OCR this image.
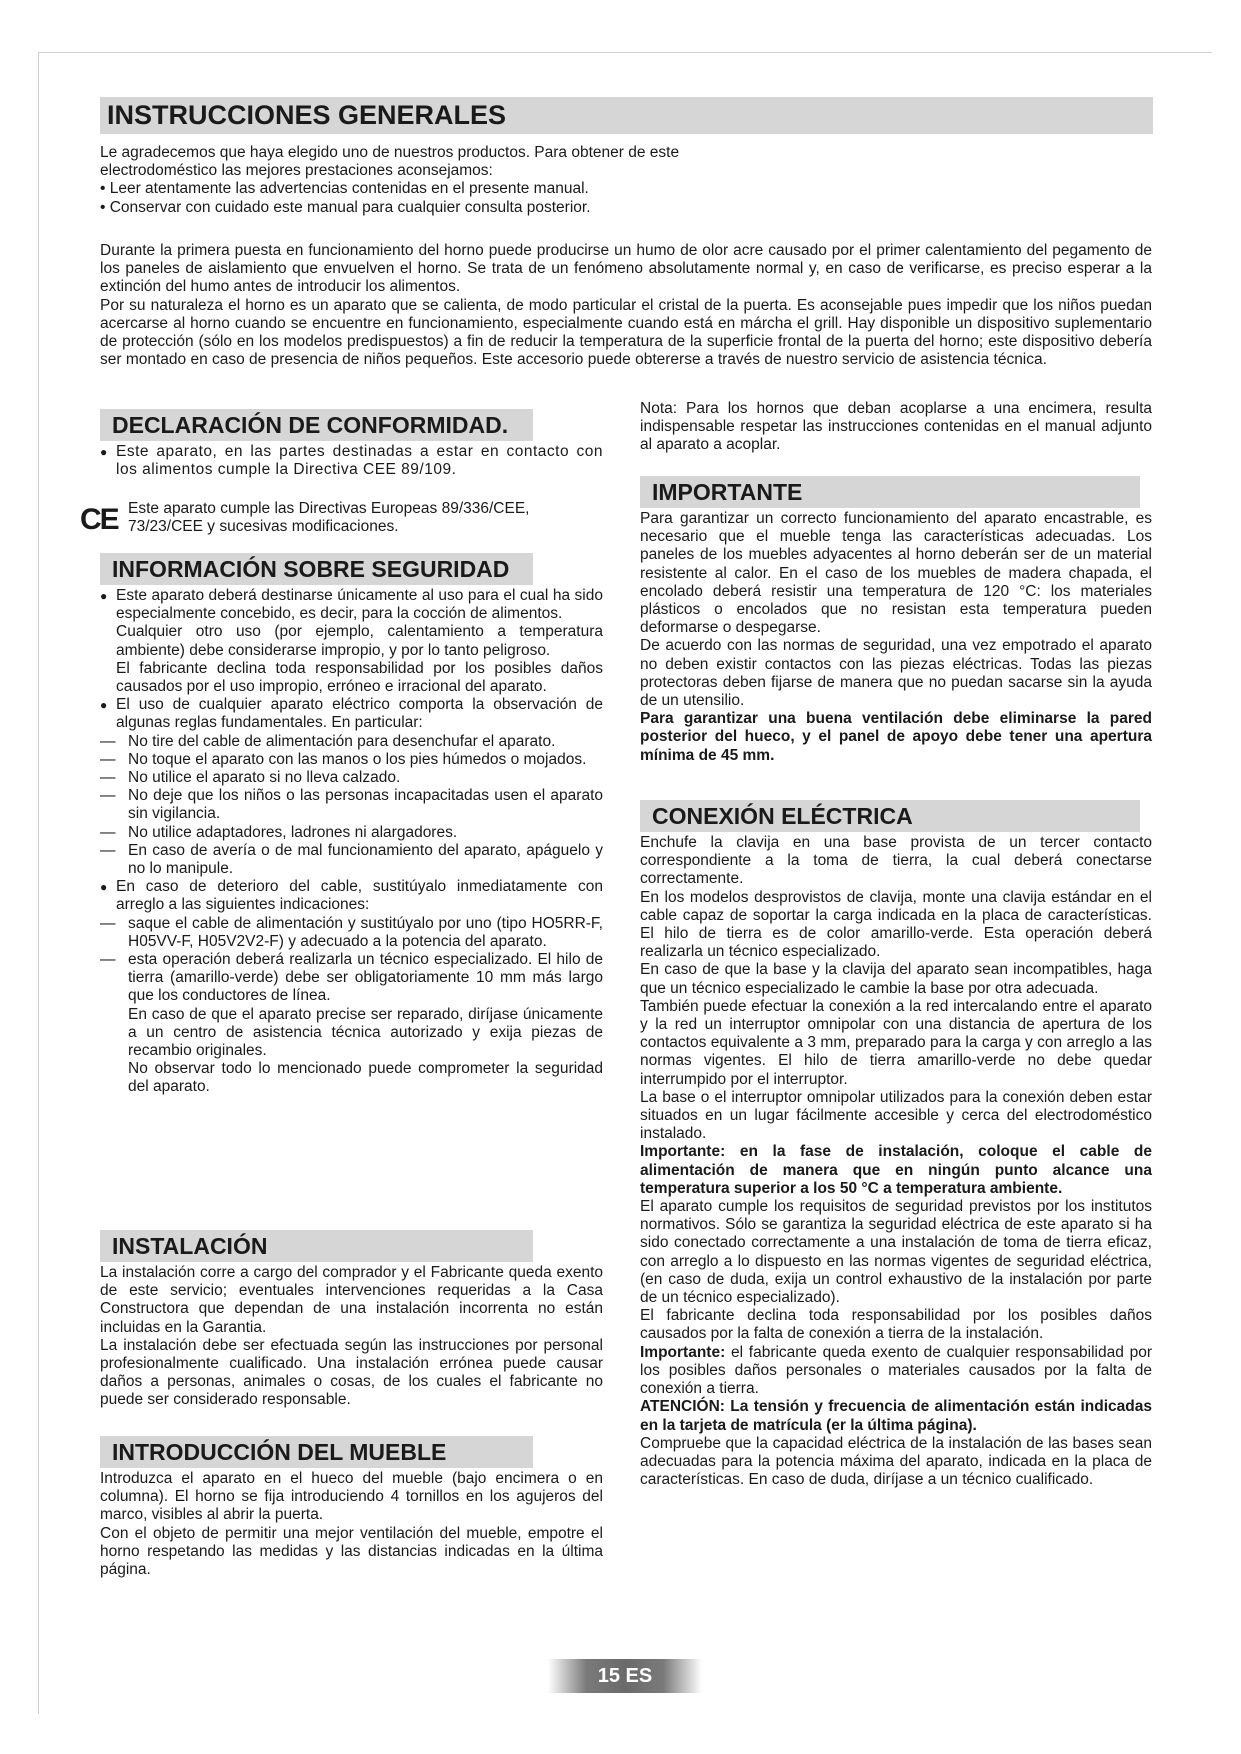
INSTRUCCIONES GENERALES

Le agradecemos que haya elegido uno de nuestros productos. Para obtener de este

electrodoméstico las mejores prestaciones aconsejamos:

• Leer atentamente las advertencias contenidas en el presente manual.

• Conservar con cuidado este manual para cualquier consulta posterior.

Durante la primera puesta en funcionamiento del horno puede producirse un humo de olor acre causado por el primer calentamiento del pegamento de los paneles de aislamiento que envuelven el horno. Se trata de un fenómeno absolutamente normal y, en caso de verificarse, es preciso esperar a la extinción del humo antes de introducir los alimentos.

Por su naturaleza el horno es un aparato que se calienta, de modo particular el cristal de la puerta. Es aconsejable pues impedir que los niños puedan acercarse al horno cuando se encuentre en funcionamiento, especialmente cuando está en márcha el grill. Hay disponible un dispositivo suplementario de protección (sólo en los modelos predispuestos) a fin de reducir la temperatura de la superficie frontal de la puerta del horno; este dispositivo debería ser montado en caso de presencia de niños pequeños. Este accesorio puede obtererse a través de nuestro servicio de asistencia técnica.

DECLARACIÓN DE CONFORMIDAD.

● Este aparato, en las partes destinadas a estar en contacto con los alimentos cumple la Directiva CEE 89/109.

CE Este aparato cumple las Directivas Europeas 89/336/CEE, 73/23/CEE y sucesivas modificaciones.

INFORMACIÓN SOBRE SEGURIDAD

● Este aparato deberá destinarse únicamente al uso para el cual ha sido especialmente concebido, es decir, para la cocción de alimentos.

Cualquier otro uso (por ejemplo, calentamiento a temperatura ambiente) debe considerarse impropio, y por lo tanto peligroso.

El fabricante declina toda responsabilidad por los posibles daños causados por el uso impropio, erróneo e irracional del aparato.

● El uso de cualquier aparato eléctrico comporta la observación de algunas reglas fundamentales. En particular:

— No tire del cable de alimentación para desenchufar el aparato.
— No toque el aparato con las manos o los pies húmedos o mojados.
— No utilice el aparato si no lleva calzado.
— No deje que los niños o las personas incapacitadas usen el aparato sin vigilancia.
— No utilice adaptadores, ladrones ni alargadores.
— En caso de avería o de mal funcionamiento del aparato, apáguelo y no lo manipule.

● En caso de deterioro del cable, sustitúyalo inmediatamente con arreglo a las siguientes indicaciones:

— saque el cable de alimentación y sustitúyalo por uno (tipo HO5RR-F, H05VV-F, H05V2V2-F) y adecuado a la potencia del aparato.
— esta operación deberá realizarla un técnico especializado. El hilo de tierra (amarillo-verde) debe ser obligatoriamente 10 mm más largo que los conductores de línea.

En caso de que el aparato precise ser reparado, diríjase únicamente a un centro de asistencia técnica autorizado y exija piezas de recambio originales.

No observar todo lo mencionado puede comprometer la seguridad del aparato.

INSTALACIÓN

La instalación corre a cargo del comprador y el Fabricante queda exento de este servicio; eventuales intervenciones requeridas a la Casa Constructora que dependan de una instalación incorrenta no están incluidas en la Garantia.

La instalación debe ser efectuada según las instrucciones por personal profesionalmente cualificado. Una instalación errónea puede causar daños a personas, animales o cosas, de los cuales el fabricante no puede ser considerado responsable.

INTRODUCCIÓN DEL MUEBLE

Introduzca el aparato en el hueco del mueble (bajo encimera o en columna). El horno se fija introduciendo 4 tornillos en los agujeros del marco, visibles al abrir la puerta.

Con el objeto de permitir una mejor ventilación del mueble, empotre el horno respetando las medidas y las distancias indicadas en la última página.

Nota: Para los hornos que deban acoplarse a una encimera, resulta indispensable respetar las instrucciones contenidas en el manual adjunto al aparato a acoplar.

IMPORTANTE

Para garantizar un correcto funcionamiento del aparato encastrable, es necesario que el mueble tenga las características adecuadas. Los paneles de los muebles adyacentes al horno deberán ser de un material resistente al calor. En el caso de los muebles de madera chapada, el encolado deberá resistir una temperatura de 120 °C: los materiales plásticos o encolados que no resistan esta temperatura pueden deformarse o despegarse.

De acuerdo con las normas de seguridad, una vez empotrado el aparato no deben existir contactos con las piezas eléctricas. Todas las piezas protectoras deben fijarse de manera que no puedan sacarse sin la ayuda de un utensilio.

Para garantizar una buena ventilación debe eliminarse la pared posterior del hueco, y el panel de apoyo debe tener una apertura mínima de 45 mm.

CONEXIÓN ELÉCTRICA

Enchufe la clavija en una base provista de un tercer contacto correspondiente a la toma de tierra, la cual deberá conectarse correctamente.

En los modelos desprovistos de clavija, monte una clavija estándar en el cable capaz de soportar la carga indicada en la placa de características. El hilo de tierra es de color amarillo-verde. Esta operación deberá realizarla un técnico especializado.

En caso de que la base y la clavija del aparato sean incompatibles, haga que un técnico especializado le cambie la base por otra adecuada.

También puede efectuar la conexión a la red intercalando entre el aparato y la red un interruptor omnipolar con una distancia de apertura de los contactos equivalente a 3 mm, preparado para la carga y con arreglo a las normas vigentes. El hilo de tierra amarillo-verde no debe quedar interrumpido por el interruptor.

La base o el interruptor omnipolar utilizados para la conexión deben estar situados en un lugar fácilmente accesible y cerca del electrodoméstico instalado.

Importante: en la fase de instalación, coloque el cable de alimentación de manera que en ningún punto alcance una temperatura superior a los 50 °C a temperatura ambiente.

El aparato cumple los requisitos de seguridad previstos por los institutos normativos. Sólo se garantiza la seguridad eléctrica de este aparato si ha sido conectado correctamente a una instalación de toma de tierra eficaz, con arreglo a lo dispuesto en las normas vigentes de seguridad eléctrica, (en caso de duda, exija un control exhaustivo de la instalación por parte de un técnico especializado).

El fabricante declina toda responsabilidad por los posibles daños causados por la falta de conexión a tierra de la instalación.

Importante: el fabricante queda exento de cualquier responsabilidad por los posibles daños personales o materiales causados por la falta de conexión a tierra.

ATENCIÓN: La tensión y frecuencia de alimentación están indicadas en la tarjeta de matrícula (er la última página).

Compruebe que la capacidad eléctrica de la instalación de las bases sean adecuadas para la potencia máxima del aparato, indicada en la placa de características. En caso de duda, diríjase a un técnico cualificado.

15 ES
